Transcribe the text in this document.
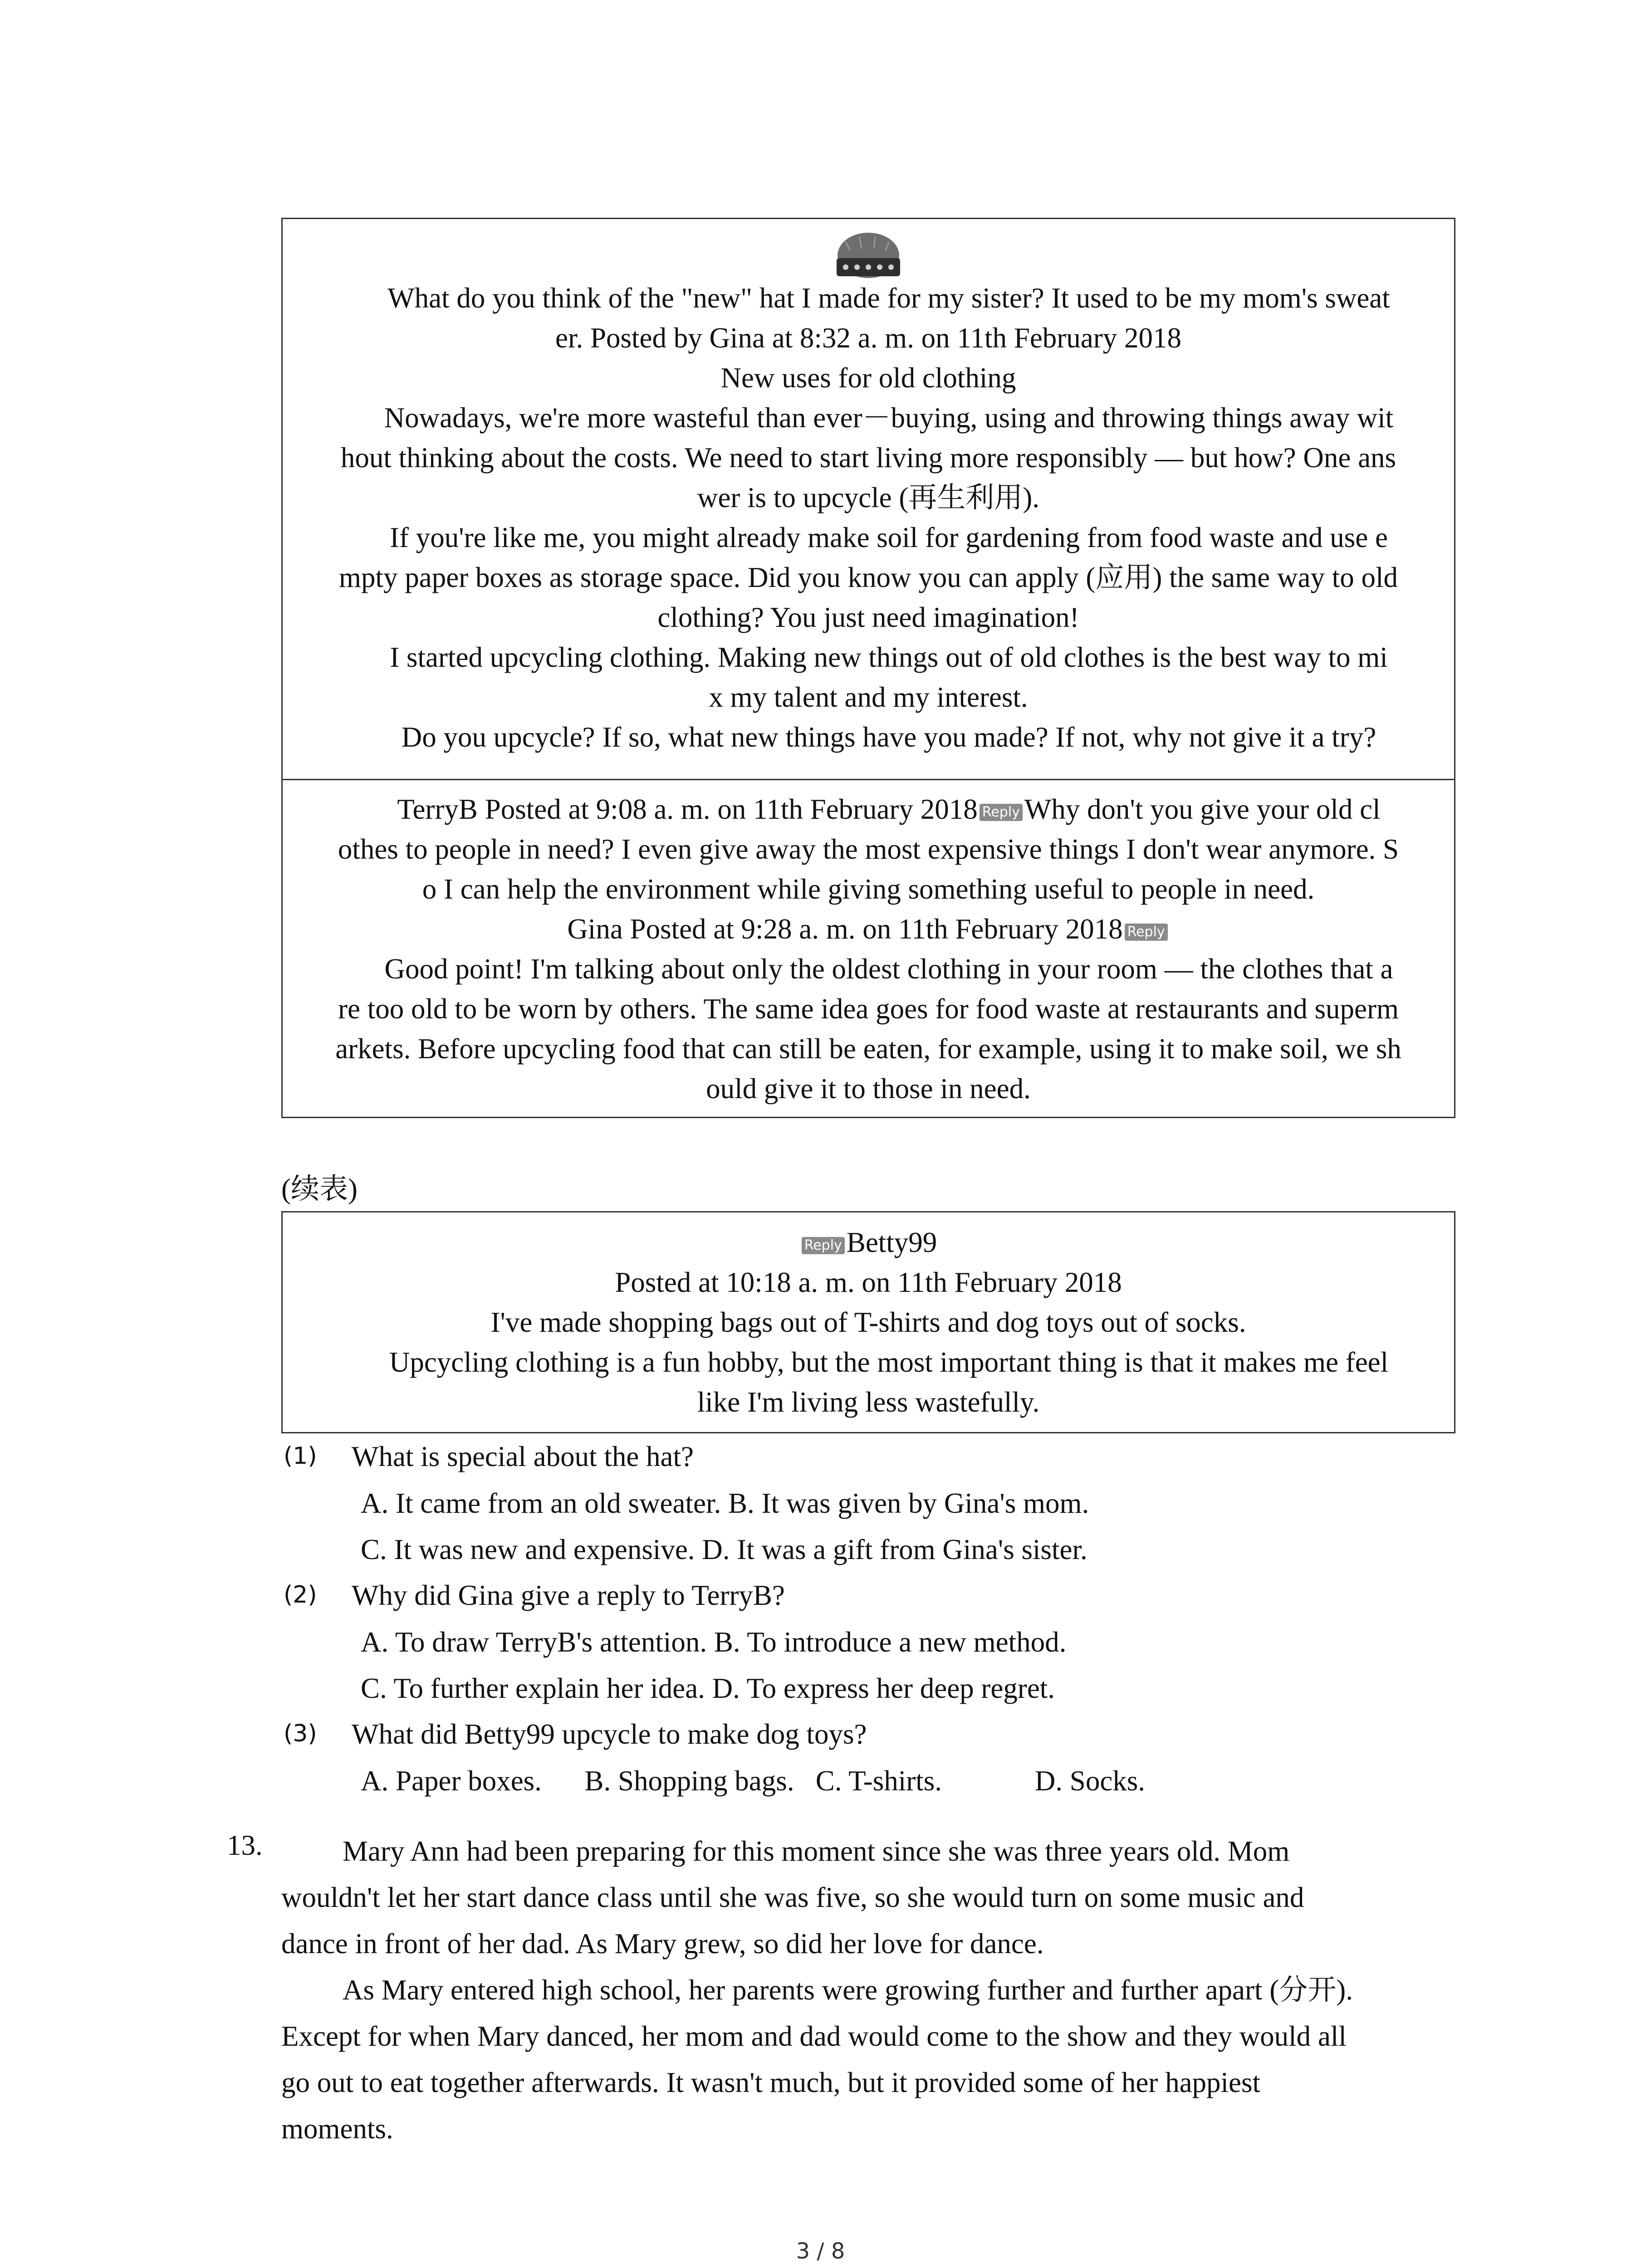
What do you think of the "new" hat I made for my sister? It used to be my mom's sweat
er. Posted by Gina at 8:32 a. m. on 11th February 2018
New uses for old clothing
Nowadays, we're more wasteful than ever－buying, using and throwing things away wit
hout thinking about the costs. We need to start living more responsibly — but how? One ans
wer is to upcycle (再生利用).
If you're like me, you might already make soil for gardening from food waste and use e
mpty paper boxes as storage space. Did you know you can apply (应用) the same way to old
clothing? You just need imagination!
I started upcycling clothing. Making new things out of old clothes is the best way to mi
x my talent and my interest.
Do you upcycle? If so, what new things have you made? If not, why not give it a try?
TerryB Posted at 9:08 a. m. on 11th February 2018 Reply Why don't you give your old cl
othes to people in need? I even give away the most expensive things I don't wear anymore. S
o I can help the environment while giving something useful to people in need.
Gina Posted at 9:28 a. m. on 11th February 2018 Reply
Good point! I'm talking about only the oldest clothing in your room — the clothes that a
re too old to be worn by others. The same idea goes for food waste at restaurants and superm
arkets. Before upcycling food that can still be eaten, for example, using it to make soil, we sh
ould give it to those in need.
(续表)
Reply Betty99
Posted at 10:18 a. m. on 11th February 2018
I've made shopping bags out of T-shirts and dog toys out of socks.
Upcycling clothing is a fun hobby, but the most important thing is that it makes me feel
like I'm living less wastefully.
(1) What is special about the hat?
A. It came from an old sweater. B. It was given by Gina's mom.
C. It was new and expensive. D. It was a gift from Gina's sister.
(2) Why did Gina give a reply to TerryB?
A. To draw TerryB's attention. B. To introduce a new method.
C. To further explain her idea. D. To express her deep regret.
(3) What did Betty99 upcycle to make dog toys?
A. Paper boxes.      B. Shopping bags.   C. T-shirts.             D. Socks.
13.	Mary Ann had been preparing for this moment since she was three years old. Mom
wouldn't let her start dance class until she was five, so she would turn on some music and
dance in front of her dad. As Mary grew, so did her love for dance.
As Mary entered high school, her parents were growing further and further apart (分开).
Except for when Mary danced, her mom and dad would come to the show and they would all
go out to eat together afterwards. It wasn't much, but it provided some of her happiest
moments.
3 / 8
